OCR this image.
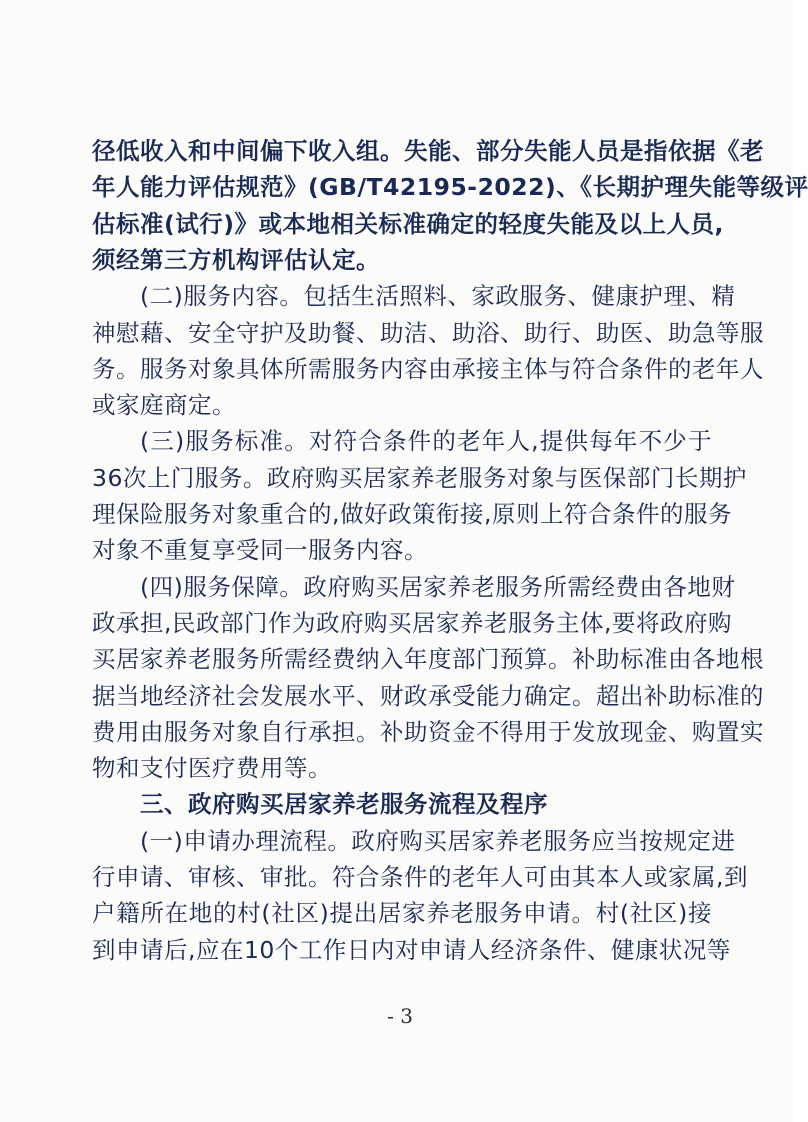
径低收入和中间偏下收入组。失能、部分失能人员是指依据《老
年人能力评估规范》(GB/T42195-2022)、《长期护理失能等级评
估标准(试行)》或本地相关标准确定的轻度失能及以上人员,
须经第三方机构评估认定。
(二)服务内容。包括生活照料、家政服务、健康护理、精
神慰藉、安全守护及助餐、助洁、助浴、助行、助医、助急等服
务。服务对象具体所需服务内容由承接主体与符合条件的老年人
或家庭商定。
(三)服务标准。对符合条件的老年人,提供每年不少于
36次上门服务。政府购买居家养老服务对象与医保部门长期护
理保险服务对象重合的,做好政策衔接,原则上符合条件的服务
对象不重复享受同一服务内容。
(四)服务保障。政府购买居家养老服务所需经费由各地财
政承担,民政部门作为政府购买居家养老服务主体,要将政府购
买居家养老服务所需经费纳入年度部门预算。补助标准由各地根
据当地经济社会发展水平、财政承受能力确定。超出补助标准的
费用由服务对象自行承担。补助资金不得用于发放现金、购置实
物和支付医疗费用等。
三、政府购买居家养老服务流程及程序
(一)申请办理流程。政府购买居家养老服务应当按规定进
行申请、审核、审批。符合条件的老年人可由其本人或家属,到
户籍所在地的村(社区)提出居家养老服务申请。村(社区)接
到申请后,应在10个工作日内对申请人经济条件、健康状况等
- 3
